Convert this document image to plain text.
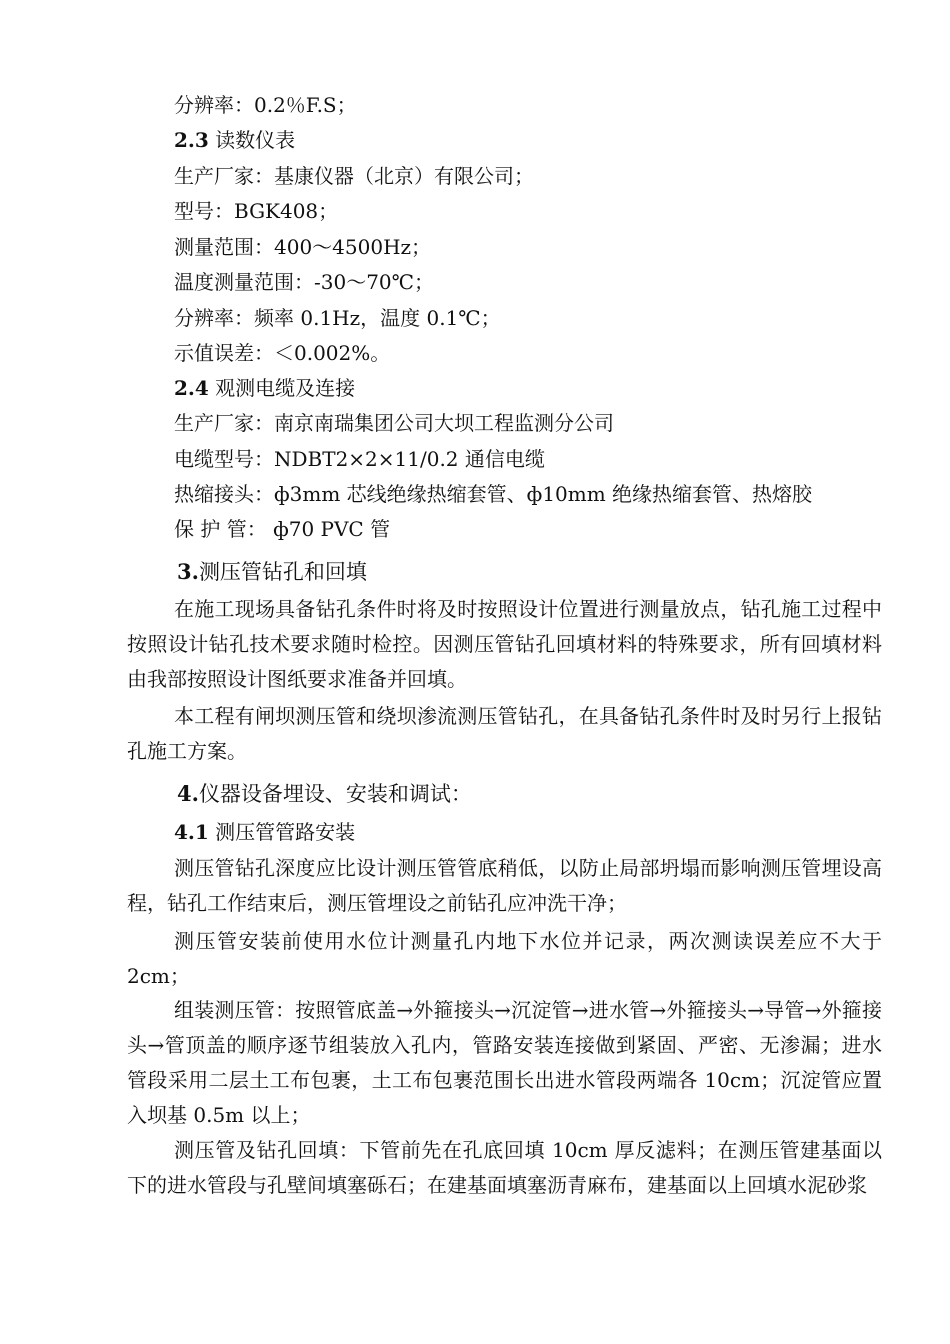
分辨率：0.2％F.S；
2.3 读数仪表
生产厂家：基康仪器（北京）有限公司；
型号：BGK408；
测量范围：400～4500Hz；
温度测量范围：-30～70℃；
分辨率：频率 0.1Hz，温度 0.1℃；
示值误差：＜0.002%。
2.4 观测电缆及连接
生产厂家：南京南瑞集团公司大坝工程监测分公司
电缆型号：NDBT2×2×11/0.2 通信电缆
热缩接头：ф3mm 芯线绝缘热缩套管、ф10mm 绝缘热缩套管、热熔胶
保 护 管： ф70 PVC 管
3.测压管钻孔和回填
在施工现场具备钻孔条件时将及时按照设计位置进行测量放点，钻孔施工过程中按照设计钻孔技术要求随时检控。因测压管钻孔回填材料的特殊要求，所有回填材料由我部按照设计图纸要求准备并回填。
本工程有闸坝测压管和绕坝渗流测压管钻孔，在具备钻孔条件时及时另行上报钻孔施工方案。
4.仪器设备埋设、安装和调试：
4.1 测压管管路安装
测压管钻孔深度应比设计测压管管底稍低，以防止局部坍塌而影响测压管埋设高程，钻孔工作结束后，测压管埋设之前钻孔应冲洗干净；
测压管安装前使用水位计测量孔内地下水位并记录，两次测读误差应不大于 2cm；
组装测压管：按照管底盖→外箍接头→沉淀管→进水管→外箍接头→导管→外箍接头→管顶盖的顺序逐节组装放入孔内，管路安装连接做到紧固、严密、无渗漏；进水管段采用二层土工布包裹，土工布包裹范围长出进水管段两端各 10cm；沉淀管应置入坝基 0.5m 以上；
测压管及钻孔回填：下管前先在孔底回填 10cm 厚反滤料；在测压管建基面以下的进水管段与孔壁间填塞砾石；在建基面填塞沥青麻布，建基面以上回填水泥砂浆
